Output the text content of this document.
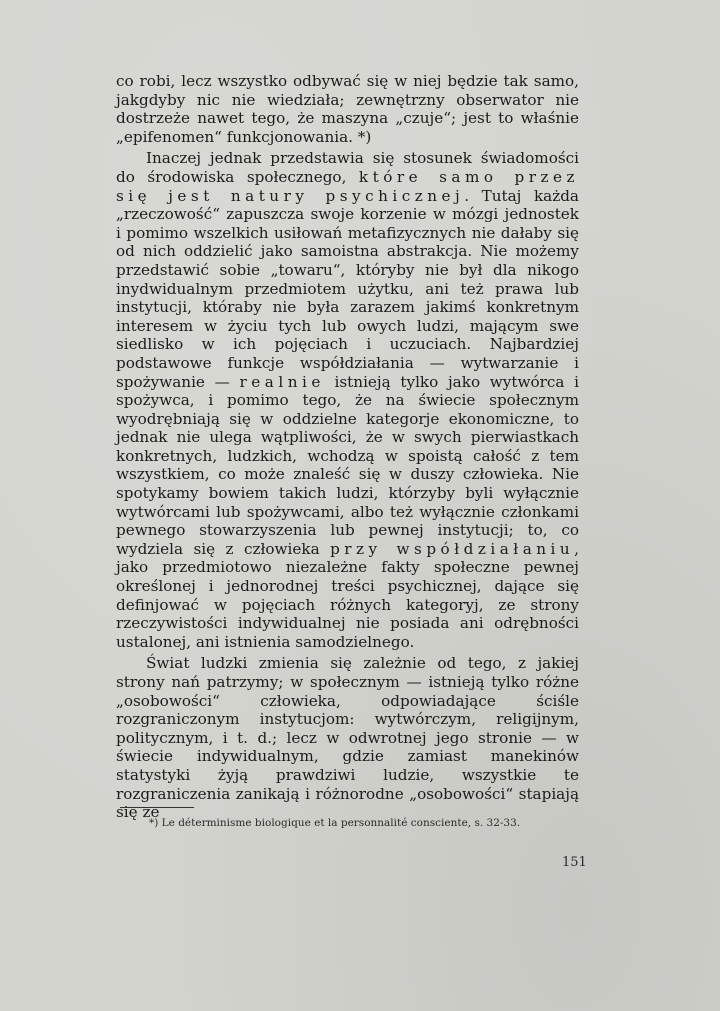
co robi, lecz wszystko odbywać się w niej będzie tak samo, jakgdyby nic nie wiedziała; zewnętrzny obserwator nie dostrzeże nawet tego, że maszyna „czuje“; jest to właśnie „epifenomen“ funkcjonowania. *)

Inaczej jednak przedstawia się stosunek świadomości do środowiska społecznego, które samo przez się jest natury psychicznej. Tutaj każda „rzeczowość“ zapuszcza swoje korzenie w mózgi jednostek i pomimo wszelkich usiłowań metafizycznych nie dałaby się od nich oddzielić jako samoistna abstrakcja. Nie możemy przedstawić sobie „towaru“, któryby nie był dla nikogo inydwidualnym przedmiotem użytku, ani też prawa lub instytucji, któraby nie była zarazem jakimś konkretnym interesem w życiu tych lub owych ludzi, mającym swe siedlisko w ich pojęciach i uczuciach. Najbardziej podstawowe funkcje współdziałania — wytwarzanie i spożywanie — realnie istnieją tylko jako wytwórca i spożywca, i pomimo tego, że na świecie społecznym wyodrębniają się w oddzielne kategorje ekonomiczne, to jednak nie ulega wątpliwości, że w swych pierwiastkach konkretnych, ludzkich, wchodzą w spoistą całość z tem wszystkiem, co może znaleść się w duszy człowieka. Nie spotykamy bowiem takich ludzi, którzyby byli wyłącznie wytwórcami lub spożywcami, albo też wyłącznie członkami pewnego stowarzyszenia lub pewnej instytucji; to, co wydziela się z człowieka przy współdziałaniu, jako przedmiotowo niezależne fakty społeczne pewnej określonej i jednorodnej treści psychicznej, dające się definjować w pojęciach różnych kategoryj, ze strony rzeczywistości indywidualnej nie posiada ani odrębności ustalonej, ani istnienia samodzielnego.

Świat ludzki zmienia się zależnie od tego, z jakiej strony nań patrzymy; w społecznym — istnieją tylko różne „osobowości“ człowieka, odpowiadające ściśle rozgraniczonym instytucjom: wytwórczym, religijnym, politycznym, i t. d.; lecz w odwrotnej jego stronie — w świecie indywidualnym, gdzie zamiast manekinów statystyki żyją prawdziwi ludzie, wszystkie te rozgraniczenia zanikają i różnorodne „osobowości“ stapiają się ze

*) Le déterminisme biologique et la personnalité consciente, s. 32-33.
151
